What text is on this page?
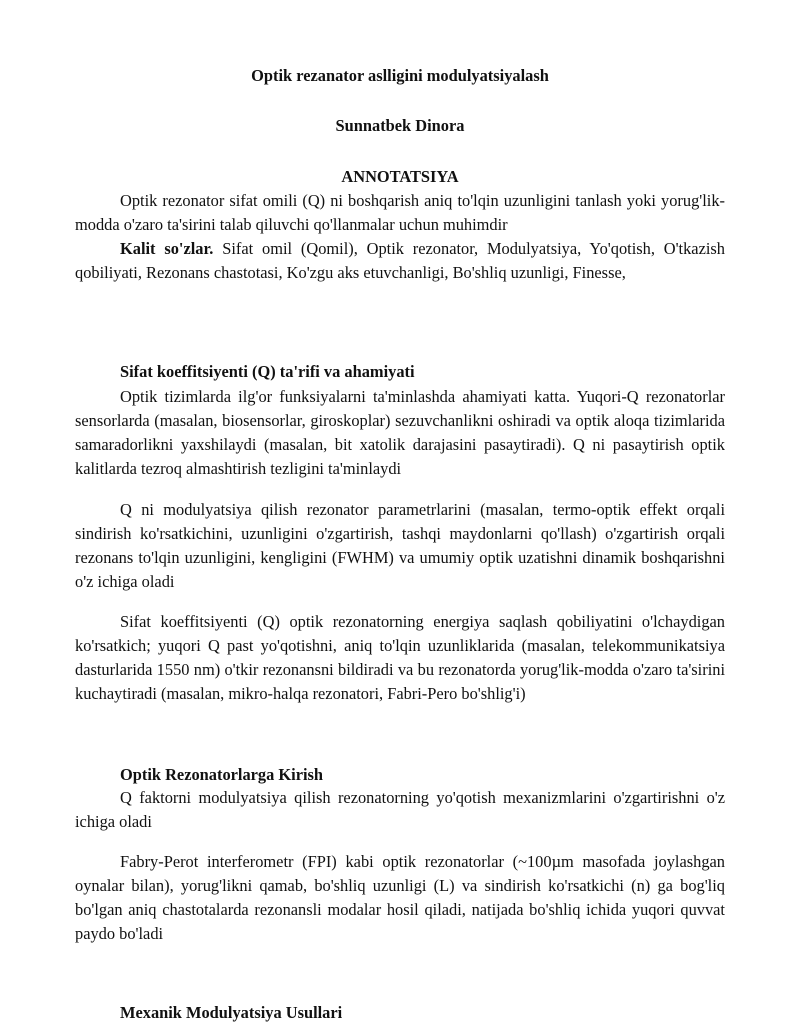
Optik rezanator aslligini modulyatsiyalash

Sunnatbek Dinora

ANNOTATSIYA

Optik rezonator sifat omili (Q) ni boshqarish aniq to'lqin uzunligini tanlash yoki yorug'lik-modda o'zaro ta'sirini talab qiluvchi qo'llanmalar uchun muhimdir

Kalit so'zlar. Sifat omil (Qomil), Optik rezonator, Modulyatsiya, Yo'qotish, O'tkazish qobiliyati, Rezonans chastotasi, Ko'zgu aks etuvchanligi, Bo'shliq uzunligi, Finesse,

Sifat koeffitsiyenti (Q) ta'rifi va ahamiyati

Optik tizimlarda ilg'or funksiyalarni ta'minlashda ahamiyati katta. Yuqori-Q rezonatorlar sensorlarda (masalan, biosensorlar, giroskoplar) sezuvchanlikni oshiradi va optik aloqa tizimlarida samaradorlikni yaxshilaydi (masalan, bit xatolik darajasini pasaytiradi). Q ni pasaytirish optik kalitlarda tezroq almashtirish tezligini ta'minlaydi

Q ni modulyatsiya qilish rezonator parametrlarini (masalan, termo-optik effekt orqali sindirish ko'rsatkichini, uzunligini o'zgartirish, tashqi maydonlarni qo'llash) o'zgartirish orqali rezonans to'lqin uzunligini, kengligini (FWHM) va umumiy optik uzatishni dinamik boshqarishni o'z ichiga oladi

Sifat koeffitsiyenti (Q) optik rezonatorning energiya saqlash qobiliyatini o'lchaydigan ko'rsatkich; yuqori Q past yo'qotishni, aniq to'lqin uzunliklarida (masalan, telekommunikatsiya dasturlarida 1550 nm) o'tkir rezonansni bildiradi va bu rezonatorda yorug'lik-modda o'zaro ta'sirini kuchaytiradi (masalan, mikro-halqa rezonatori, Fabri-Pero bo'shlig'i)

Optik Rezonatorlarga Kirish

Q faktorni modulyatsiya qilish rezonatorning yo'qotish mexanizmlarini o'zgartirishni o'z ichiga oladi

Fabry-Perot interferometr (FPI) kabi optik rezonatorlar (~100µm masofada joylashgan oynalar bilan), yorug'likni qamab, bo'shliq uzunligi (L) va sindirish ko'rsatkichi (n) ga bog'liq bo'lgan aniq chastotalarda rezonansli modalar hosil qiladi, natijada bo'shliq ichida yuqori quvvat paydo bo'ladi

Mexanik Modulyatsiya Usullari
